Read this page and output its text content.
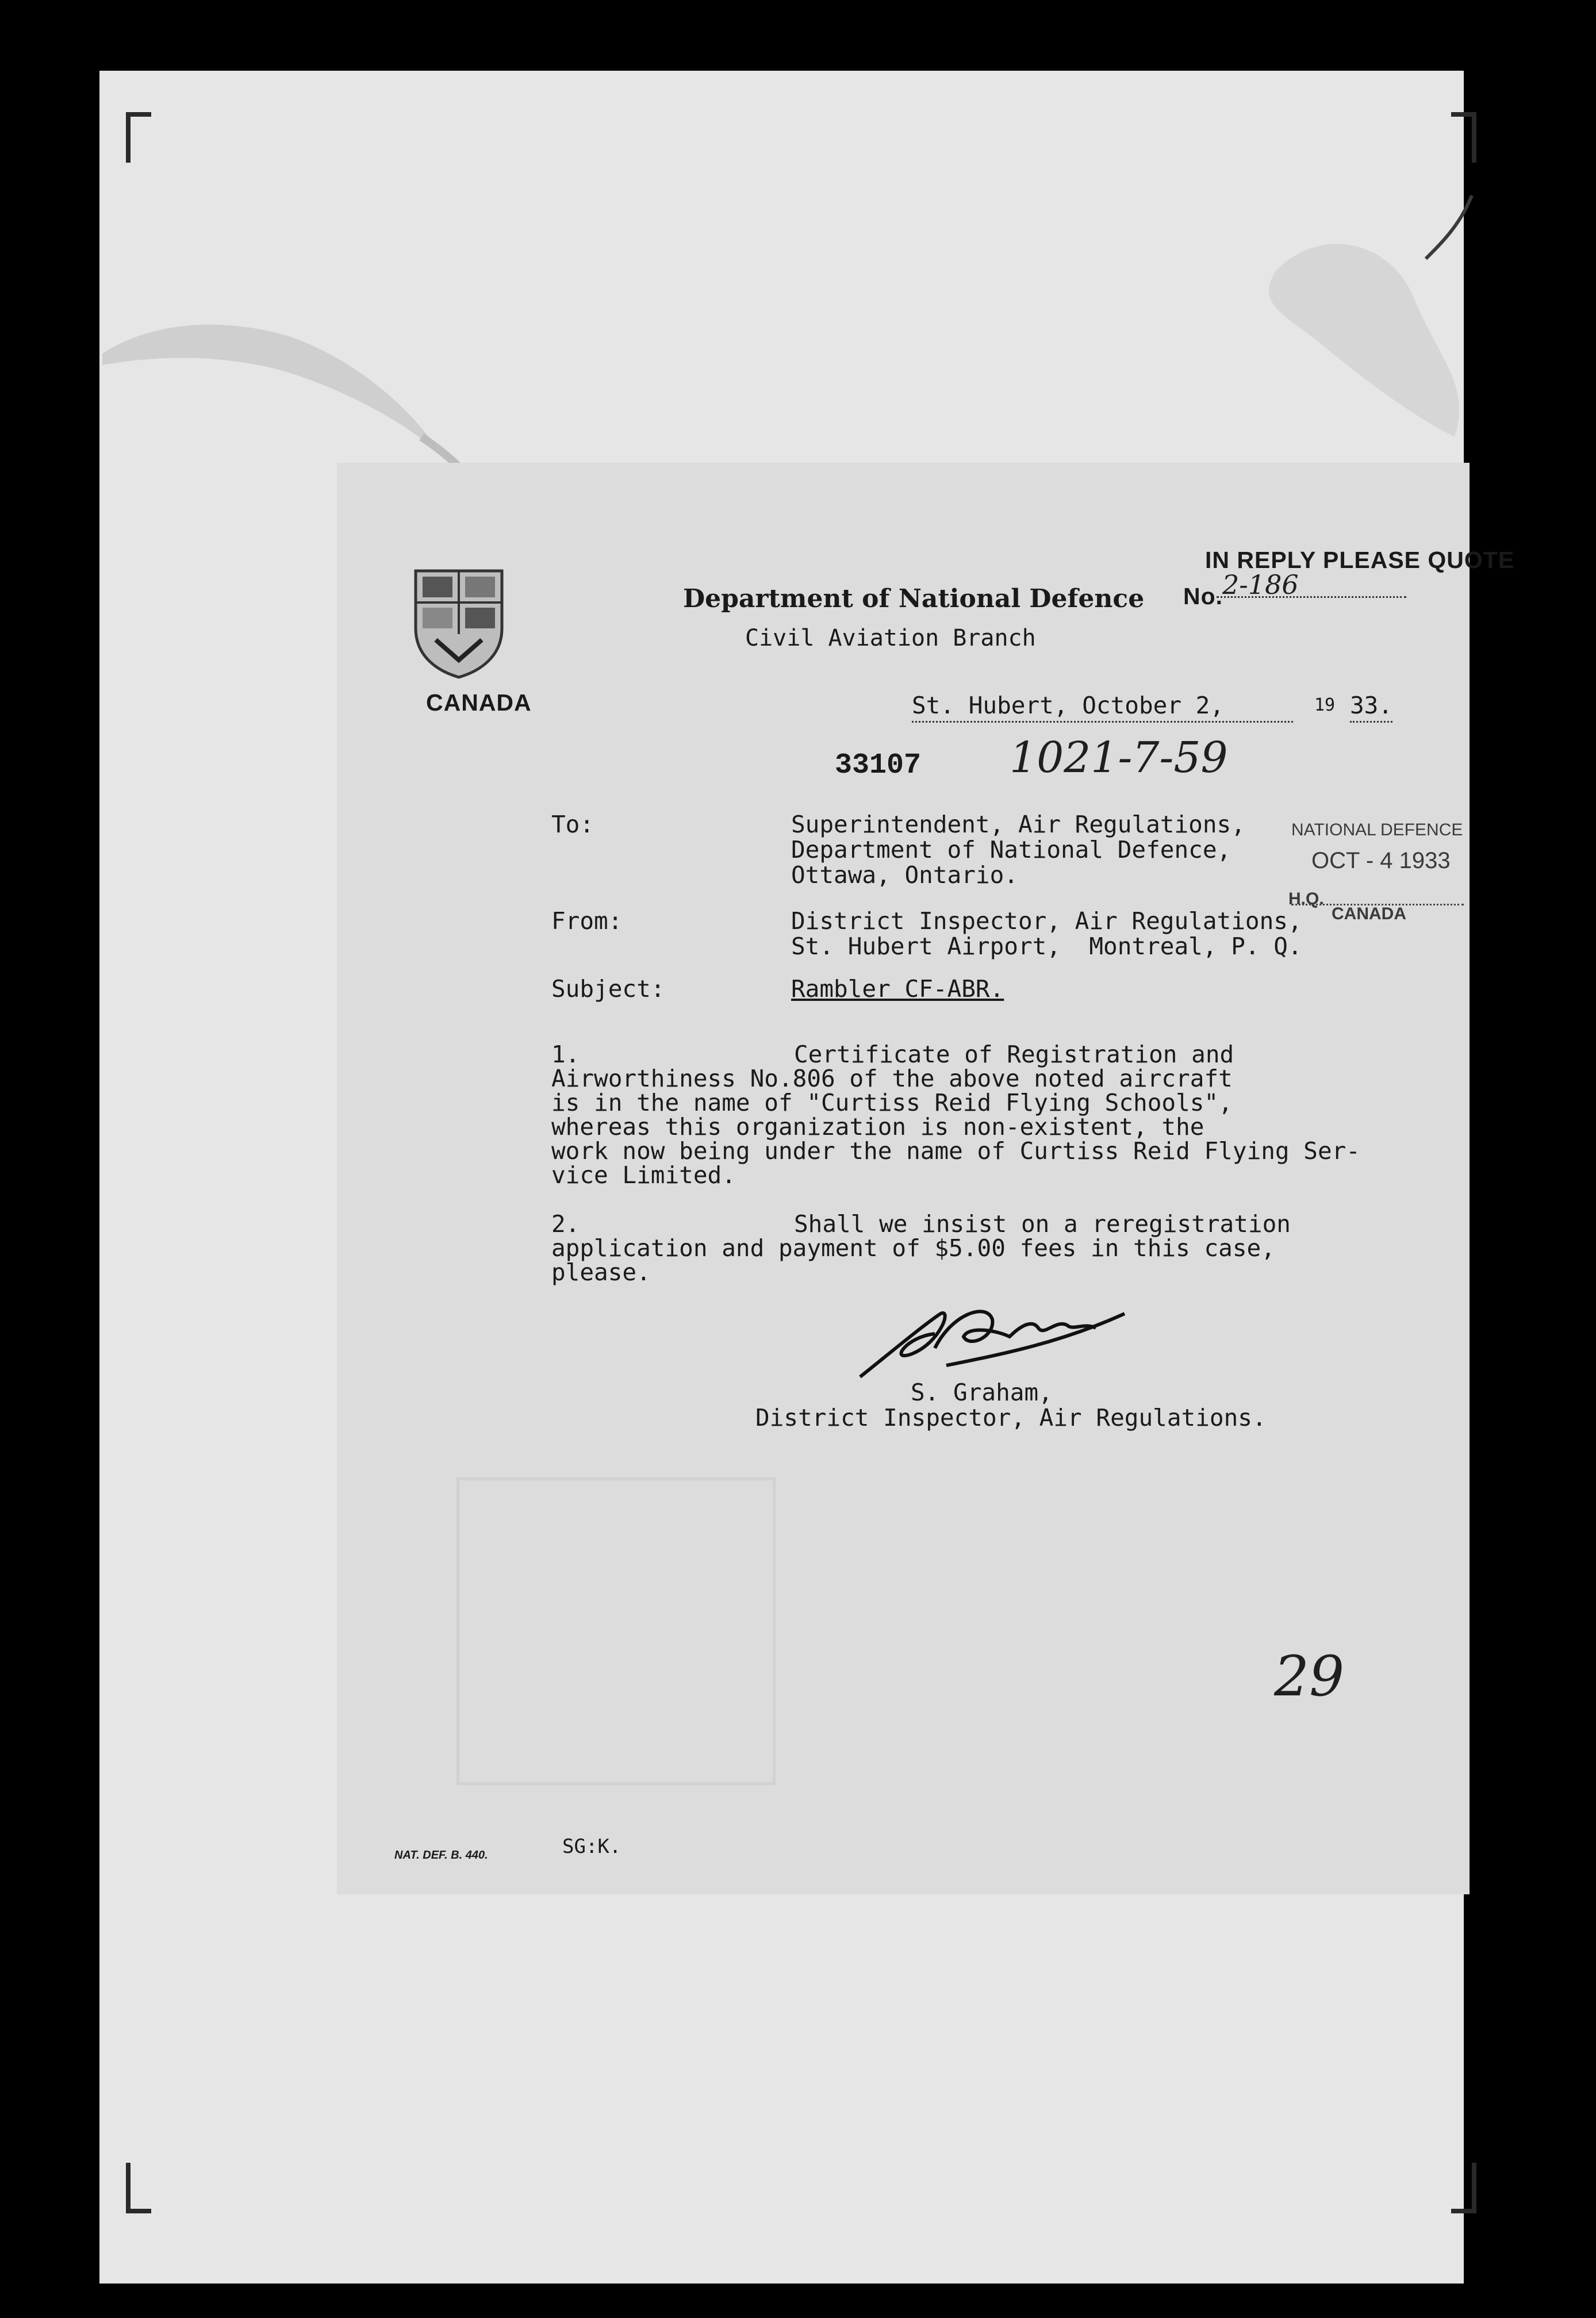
CANADA
IN REPLY PLEASE QUOTE
No.
2-186
Department of National Defence
Civil Aviation Branch
St. Hubert, October 2,	19 33.
33107 1021-7-59
NATIONAL DEFENCE
OCT - 4 1933
H.Q.
CANADA
To:	Superintendent, Air Regulations,
Department of National Defence,
Ottawa, Ontario.
From:	District Inspector, Air Regulations,
St. Hubert Airport,  Montreal, P. Q.
Subject:	Rambler CF-ABR.
1.	Certificate of Registration and
Airworthiness No.806 of the above noted aircraft
is in the name of "Curtiss Reid Flying Schools",
whereas this organization is non-existent, the
work now being under the name of Curtiss Reid Flying Ser-
vice Limited.
2.	Shall we insist on a reregistration
application and payment of $5.00 fees in this case,
please.
S. Graham,
District Inspector, Air Regulations.
29
NAT. DEF. B. 440.	SG:K.
